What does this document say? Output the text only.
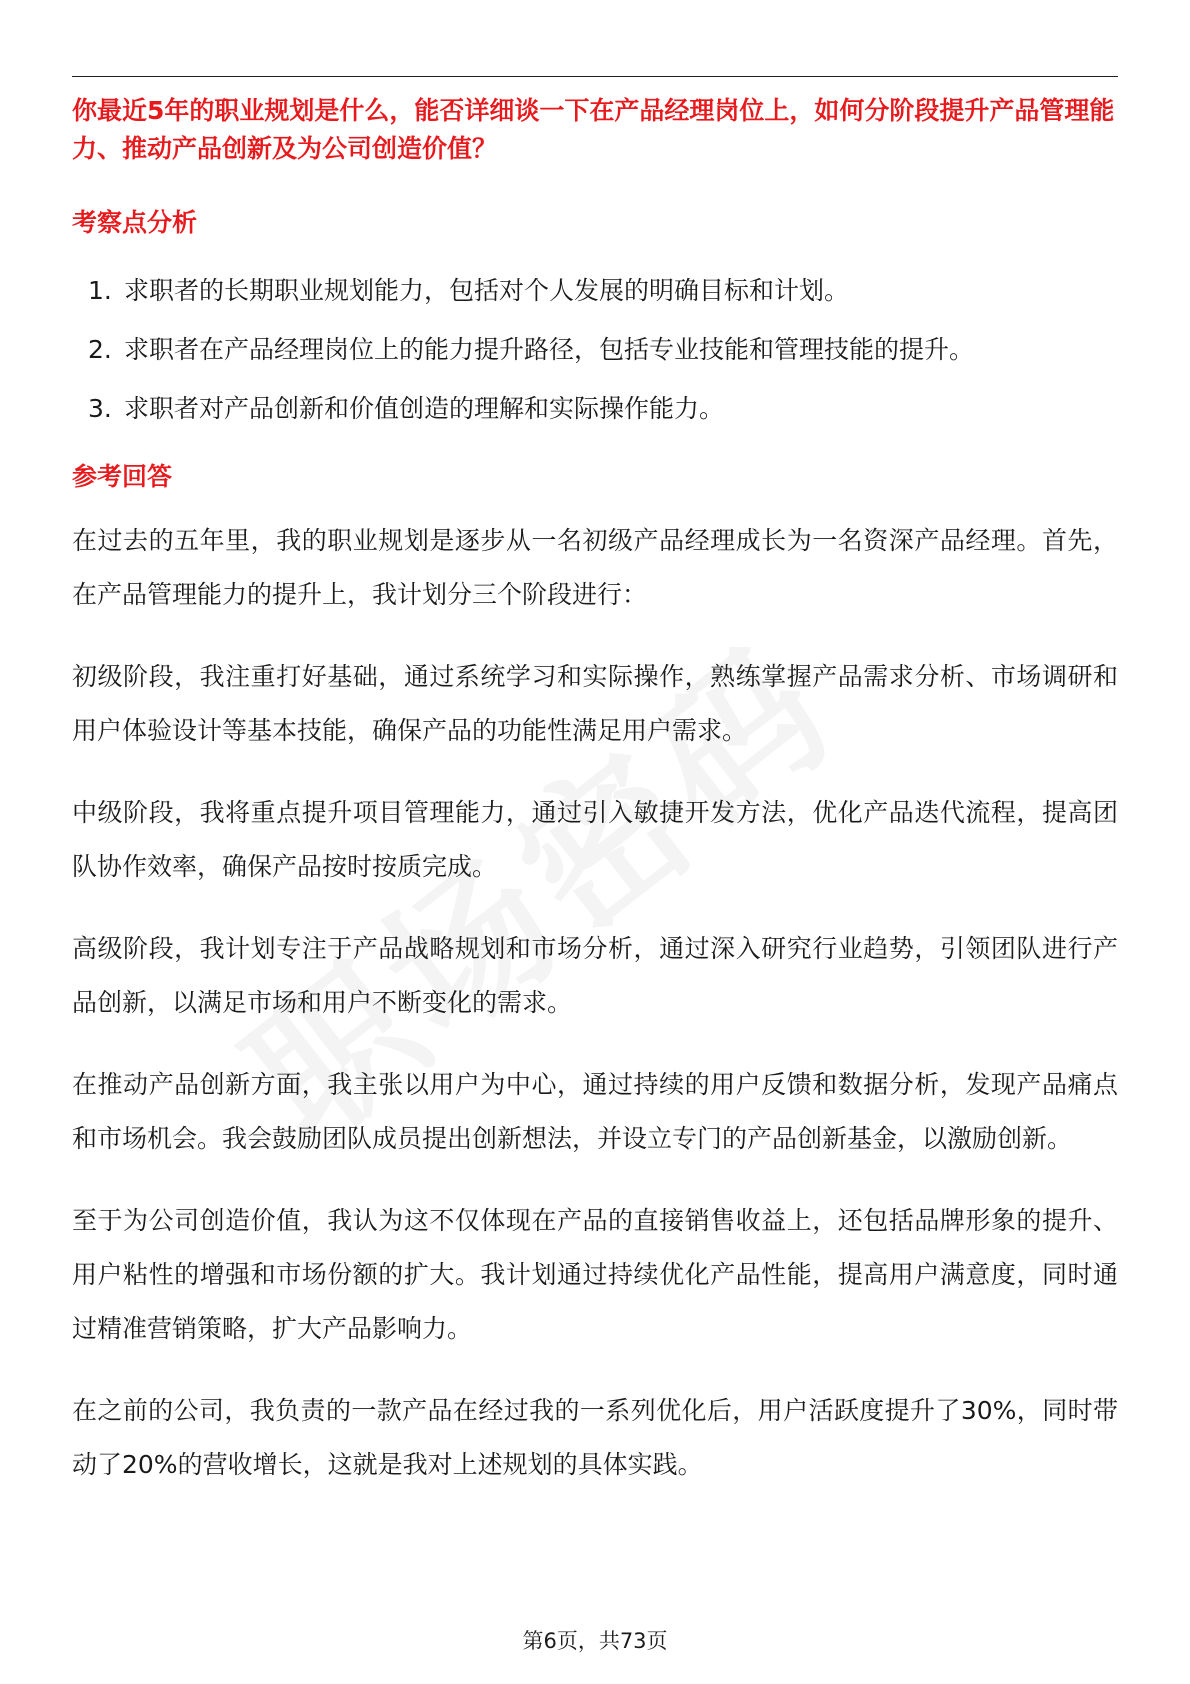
你最近5年的职业规划是什么，能否详细谈一下在产品经理岗位上，如何分阶段提升产品管理能力、推动产品创新及为公司创造价值？

考察点分析
1. 求职者的长期职业规划能力，包括对个人发展的明确目标和计划。
2. 求职者在产品经理岗位上的能力提升路径，包括专业技能和管理技能的提升。
3. 求职者对产品创新和价值创造的理解和实际操作能力。
参考回答

在过去的五年里，我的职业规划是逐步从一名初级产品经理成长为一名资深产品经理。首先，在产品管理能力的提升上，我计划分三个阶段进行：

初级阶段，我注重打好基础，通过系统学习和实际操作，熟练掌握产品需求分析、市场调研和用户体验设计等基本技能，确保产品的功能性满足用户需求。

中级阶段，我将重点提升项目管理能力，通过引入敏捷开发方法，优化产品迭代流程，提高团队协作效率，确保产品按时按质完成。

高级阶段，我计划专注于产品战略规划和市场分析，通过深入研究行业趋势，引领团队进行产品创新，以满足市场和用户不断变化的需求。

在推动产品创新方面，我主张以用户为中心，通过持续的用户反馈和数据分析，发现产品痛点和市场机会。我会鼓励团队成员提出创新想法，并设立专门的产品创新基金，以激励创新。

至于为公司创造价值，我认为这不仅体现在产品的直接销售收益上，还包括品牌形象的提升、用户粘性的增强和市场份额的扩大。我计划通过持续优化产品性能，提高用户满意度，同时通过精准营销策略，扩大产品影响力。

在之前的公司，我负责的一款产品在经过我的一系列优化后，用户活跃度提升了30%，同时带动了20%的营收增长，这就是我对上述规划的具体实践。

第6页，共73页
